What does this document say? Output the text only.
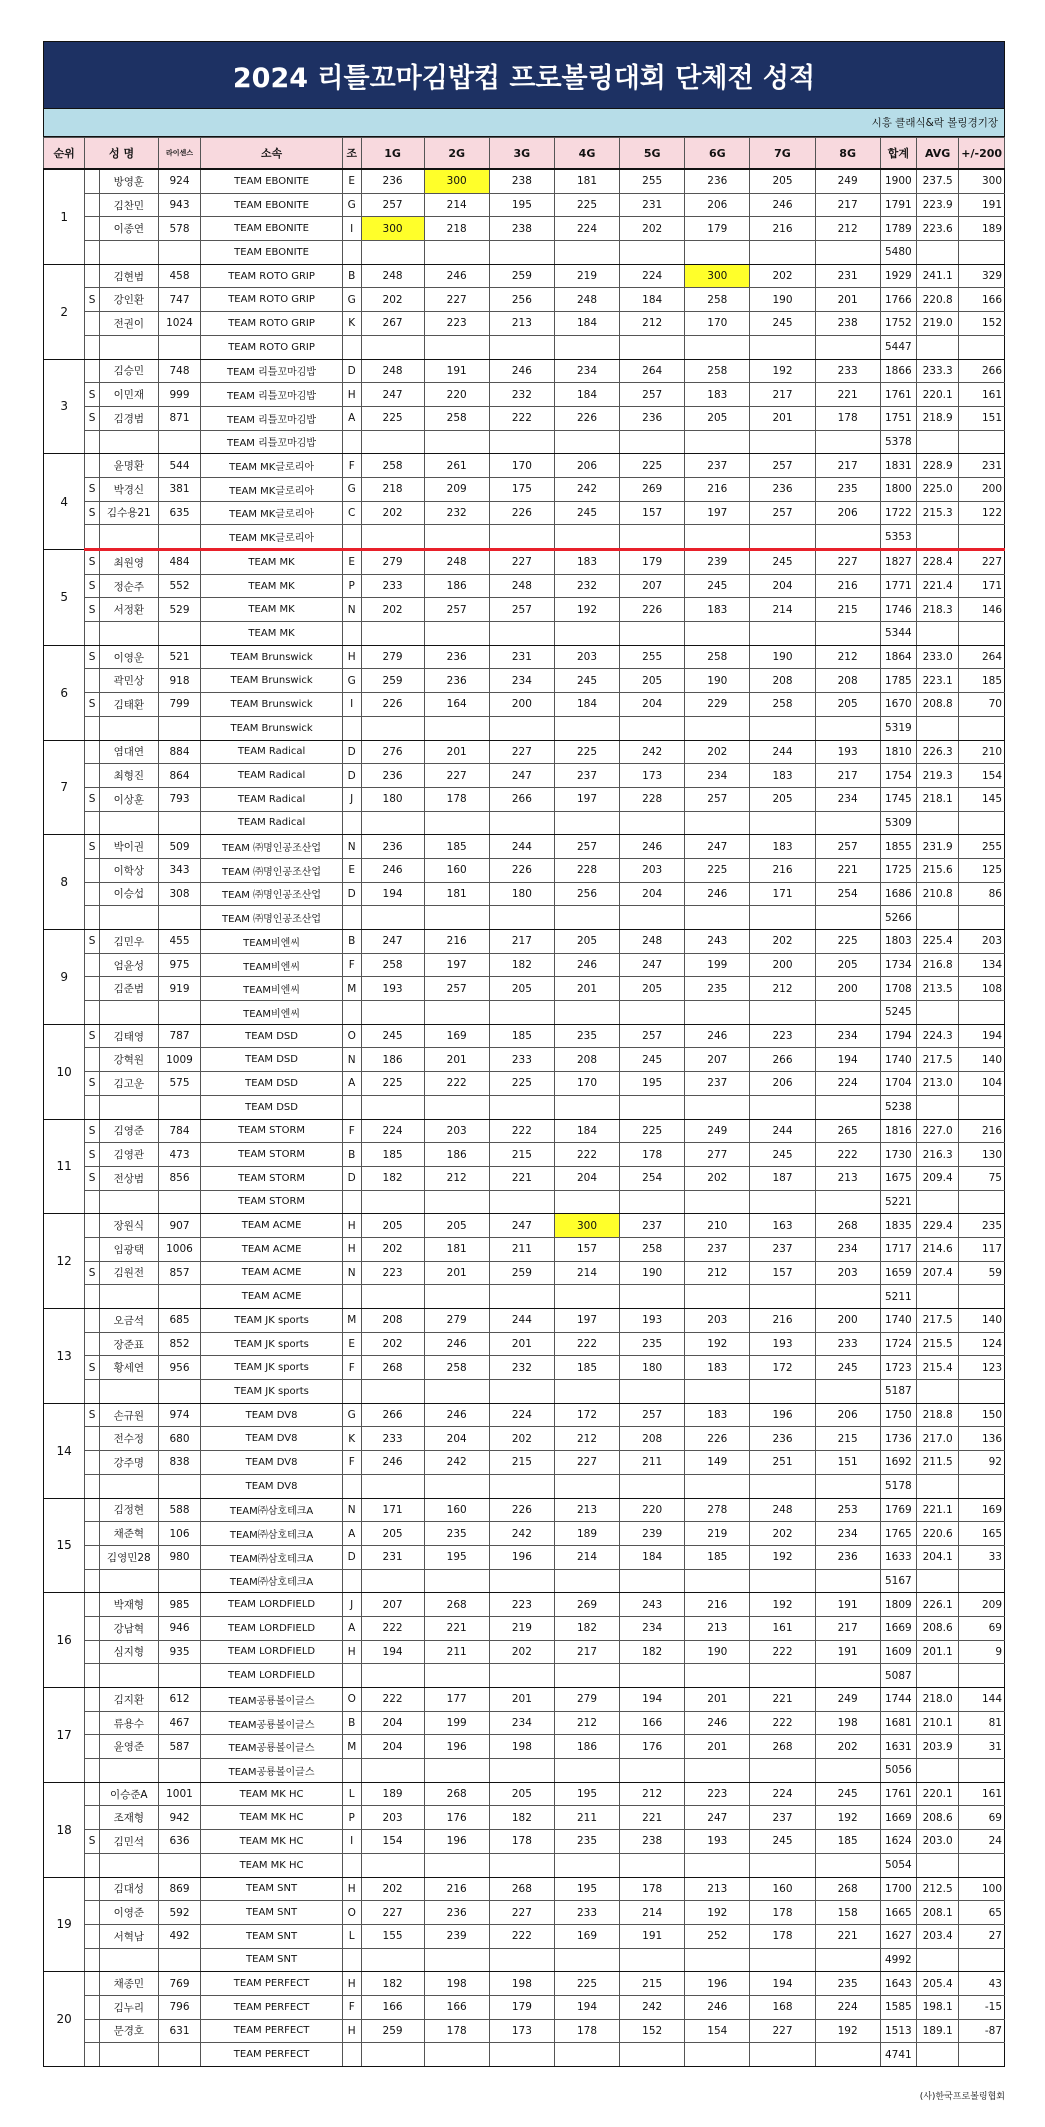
2024 리틀꼬마김밥컵 프로볼링대회 단체전 성적
시흥 클래식&락 볼링경기장
순위	성 명		라이센스	소속	조	1G	2G	3G	4G	5G	6G	7G	8G	합계	AVG	+/-200
1		방영훈	924	TEAM EBONITE	E	236	300	238	181	255	236	205	249	1900	237.5	300
		김찬민	943	TEAM EBONITE	G	257	214	195	225	231	206	246	217	1791	223.9	191
		이종연	578	TEAM EBONITE	I	300	218	238	224	202	179	216	212	1789	223.6	189
				TEAM EBONITE										5480		
2		김현범	458	TEAM ROTO GRIP	B	248	246	259	219	224	300	202	231	1929	241.1	329
	S	강인환	747	TEAM ROTO GRIP	G	202	227	256	248	184	258	190	201	1766	220.8	166
		전권이	1024	TEAM ROTO GRIP	K	267	223	213	184	212	170	245	238	1752	219.0	152
				TEAM ROTO GRIP										5447		
3		김승민	748	TEAM 리틀꼬마김밥	D	248	191	246	234	264	258	192	233	1866	233.3	266
	S	이민재	999	TEAM 리틀꼬마김밥	H	247	220	232	184	257	183	217	221	1761	220.1	161
	S	김경범	871	TEAM 리틀꼬마김밥	A	225	258	222	226	236	205	201	178	1751	218.9	151
				TEAM 리틀꼬마김밥										5378		
4		윤명환	544	TEAM MK글로리아	F	258	261	170	206	225	237	257	217	1831	228.9	231
	S	박경신	381	TEAM MK글로리아	G	218	209	175	242	269	216	236	235	1800	225.0	200
	S	김수용21	635	TEAM MK글로리아	C	202	232	226	245	157	197	257	206	1722	215.3	122
				TEAM MK글로리아										5353		
5	S	최원영	484	TEAM MK	E	279	248	227	183	179	239	245	227	1827	228.4	227
	S	정순주	552	TEAM MK	P	233	186	248	232	207	245	204	216	1771	221.4	171
	S	서정환	529	TEAM MK	N	202	257	257	192	226	183	214	215	1746	218.3	146
				TEAM MK										5344		
6	S	이영운	521	TEAM Brunswick	H	279	236	231	203	255	258	190	212	1864	233.0	264
		곽민상	918	TEAM Brunswick	G	259	236	234	245	205	190	208	208	1785	223.1	185
	S	김태환	799	TEAM Brunswick	I	226	164	200	184	204	229	258	205	1670	208.8	70
				TEAM Brunswick										5319		
7		염대연	884	TEAM Radical	D	276	201	227	225	242	202	244	193	1810	226.3	210
		최형진	864	TEAM Radical	D	236	227	247	237	173	234	183	217	1754	219.3	154
	S	이상훈	793	TEAM Radical	J	180	178	266	197	228	257	205	234	1745	218.1	145
				TEAM Radical										5309		
8	S	박이권	509	TEAM ㈜명인공조산업	N	236	185	244	257	246	247	183	257	1855	231.9	255
		이학상	343	TEAM ㈜명인공조산업	E	246	160	226	228	203	225	216	221	1725	215.6	125
		이승섭	308	TEAM ㈜명인공조산업	D	194	181	180	256	204	246	171	254	1686	210.8	86
				TEAM ㈜명인공조산업										5266		
9	S	김민우	455	TEAM비엔씨	B	247	216	217	205	248	243	202	225	1803	225.4	203
		엄윤성	975	TEAM비엔씨	F	258	197	182	246	247	199	200	205	1734	216.8	134
		김준범	919	TEAM비엔씨	M	193	257	205	201	205	235	212	200	1708	213.5	108
				TEAM비엔씨										5245		
10	S	김태영	787	TEAM DSD	O	245	169	185	235	257	246	223	234	1794	224.3	194
		강혁원	1009	TEAM DSD	N	186	201	233	208	245	207	266	194	1740	217.5	140
	S	김고운	575	TEAM DSD	A	225	222	225	170	195	237	206	224	1704	213.0	104
				TEAM DSD										5238		
11	S	김영준	784	TEAM STORM	F	224	203	222	184	225	249	244	265	1816	227.0	216
	S	김영관	473	TEAM STORM	B	185	186	215	222	178	277	245	222	1730	216.3	130
	S	전상범	856	TEAM STORM	D	182	212	221	204	254	202	187	213	1675	209.4	75
				TEAM STORM										5221		
12		장원식	907	TEAM ACME	H	205	205	247	300	237	210	163	268	1835	229.4	235
		임광택	1006	TEAM ACME	H	202	181	211	157	258	237	237	234	1717	214.6	117
	S	김원전	857	TEAM ACME	N	223	201	259	214	190	212	157	203	1659	207.4	59
				TEAM ACME										5211		
13		오금석	685	TEAM JK sports	M	208	279	244	197	193	203	216	200	1740	217.5	140
		장준표	852	TEAM JK sports	E	202	246	201	222	235	192	193	233	1724	215.5	124
	S	황세연	956	TEAM JK sports	F	268	258	232	185	180	183	172	245	1723	215.4	123
				TEAM JK sports										5187		
14	S	손규원	974	TEAM DV8	G	266	246	224	172	257	183	196	206	1750	218.8	150
		전수정	680	TEAM DV8	K	233	204	202	212	208	226	236	215	1736	217.0	136
		강주명	838	TEAM DV8	F	246	242	215	227	211	149	251	151	1692	211.5	92
				TEAM DV8										5178		
15		김정현	588	TEAM㈜삼호테크A	N	171	160	226	213	220	278	248	253	1769	221.1	169
		채준혁	106	TEAM㈜삼호테크A	A	205	235	242	189	239	219	202	234	1765	220.6	165
		김영민28	980	TEAM㈜삼호테크A	D	231	195	196	214	184	185	192	236	1633	204.1	33
				TEAM㈜삼호테크A										5167		
16		박재형	985	TEAM LORDFIELD	J	207	268	223	269	243	216	192	191	1809	226.1	209
		강남혁	946	TEAM LORDFIELD	A	222	221	219	182	234	213	161	217	1669	208.6	69
		심지형	935	TEAM LORDFIELD	H	194	211	202	217	182	190	222	191	1609	201.1	9
				TEAM LORDFIELD										5087		
17		김지환	612	TEAM공룡볼이글스	O	222	177	201	279	194	201	221	249	1744	218.0	144
		류용수	467	TEAM공룡볼이글스	B	204	199	234	212	166	246	222	198	1681	210.1	81
		윤영준	587	TEAM공룡볼이글스	M	204	196	198	186	176	201	268	202	1631	203.9	31
				TEAM공룡볼이글스										5056		
18		이승준A	1001	TEAM MK HC	L	189	268	205	195	212	223	224	245	1761	220.1	161
		조재형	942	TEAM MK HC	P	203	176	182	211	221	247	237	192	1669	208.6	69
	S	김민석	636	TEAM MK HC	I	154	196	178	235	238	193	245	185	1624	203.0	24
				TEAM MK HC										5054		
19		김대성	869	TEAM SNT	H	202	216	268	195	178	213	160	268	1700	212.5	100
		이영준	592	TEAM SNT	O	227	236	227	233	214	192	178	158	1665	208.1	65
		서혁남	492	TEAM SNT	L	155	239	222	169	191	252	178	221	1627	203.4	27
				TEAM SNT										4992		
20		채종민	769	TEAM PERFECT	H	182	198	198	225	215	196	194	235	1643	205.4	43
		김누리	796	TEAM PERFECT	F	166	166	179	194	242	246	168	224	1585	198.1	-15
		문경호	631	TEAM PERFECT	H	259	178	173	178	152	154	227	192	1513	189.1	-87
				TEAM PERFECT										4741		
(사)한국프로볼링협회
